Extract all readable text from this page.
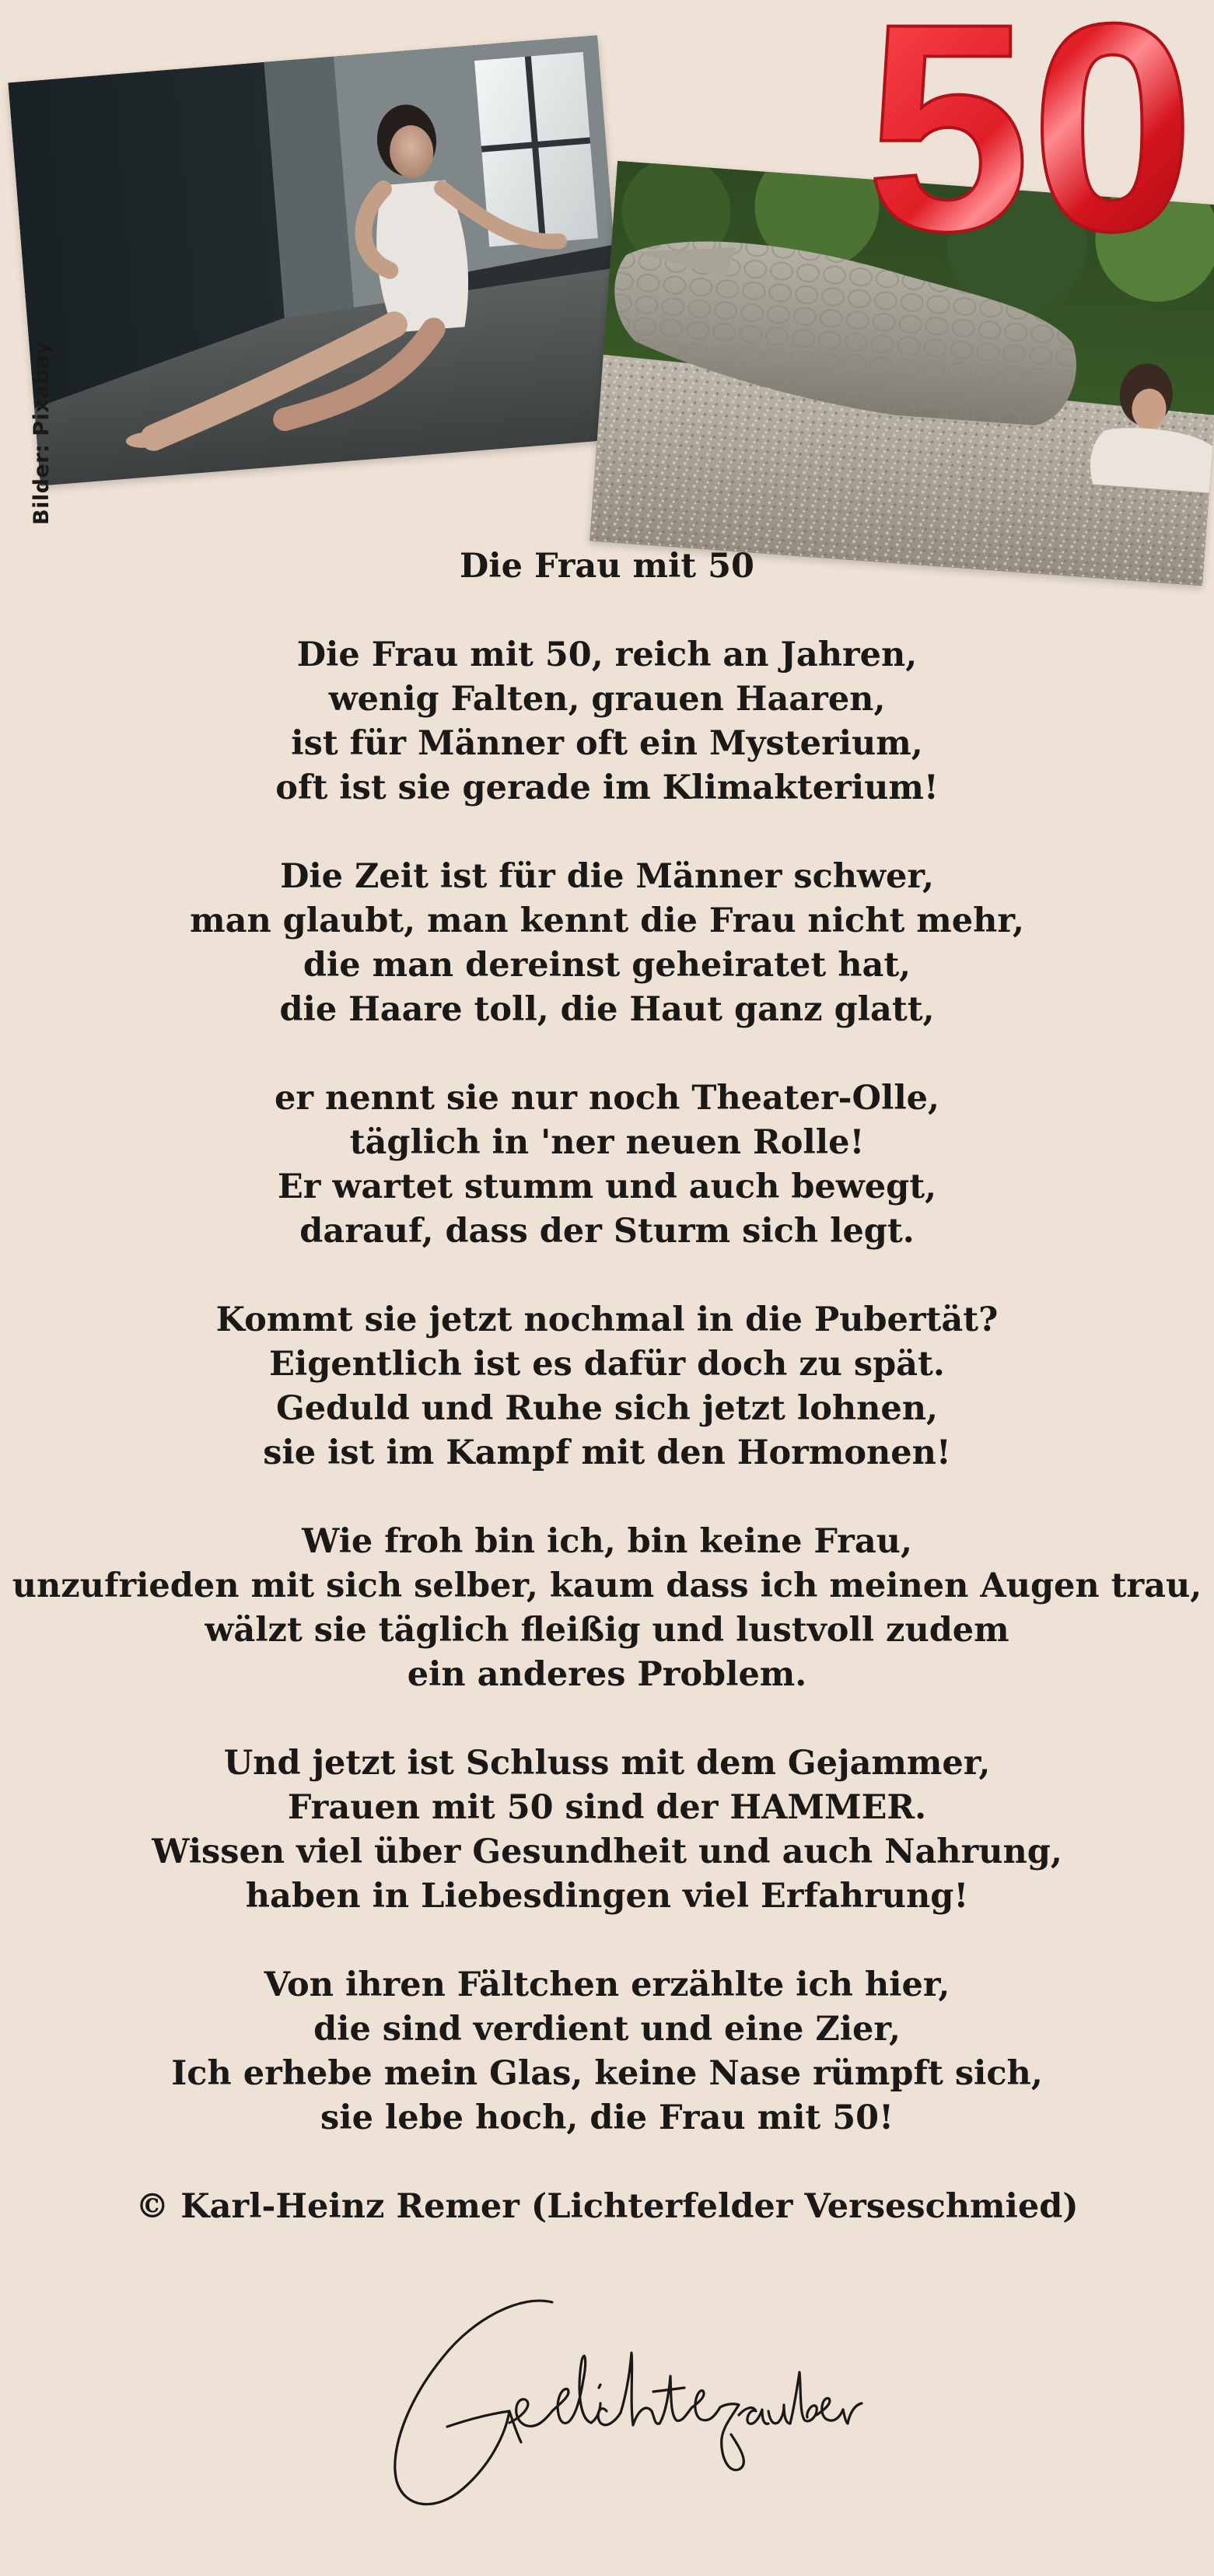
50
Bilder: Pixabay
Die Frau mit 50
Die Frau mit 50, reich an Jahren,
wenig Falten, grauen Haaren,
ist für Männer oft ein Mysterium,
oft ist sie gerade im Klimakterium!
Die Zeit ist für die Männer schwer,
man glaubt, man kennt die Frau nicht mehr,
die man dereinst geheiratet hat,
die Haare toll, die Haut ganz glatt,
er nennt sie nur noch Theater-Olle,
täglich in 'ner neuen Rolle!
Er wartet stumm und auch bewegt,
darauf, dass der Sturm sich legt.
Kommt sie jetzt nochmal in die Pubertät?
Eigentlich ist es dafür doch zu spät.
Geduld und Ruhe sich jetzt lohnen,
sie ist im Kampf mit den Hormonen!
Wie froh bin ich, bin keine Frau,
unzufrieden mit sich selber, kaum dass ich meinen Augen trau,
wälzt sie täglich fleißig und lustvoll zudem
ein anderes Problem.
Und jetzt ist Schluss mit dem Gejammer,
Frauen mit 50 sind der HAMMER.
Wissen viel über Gesundheit und auch Nahrung,
haben in Liebesdingen viel Erfahrung!
Von ihren Fältchen erzählte ich hier,
die sind verdient und eine Zier,
Ich erhebe mein Glas, keine Nase rümpft sich,
sie lebe hoch, die Frau mit 50!
© Karl-Heinz Remer (Lichterfelder Verseschmied)
